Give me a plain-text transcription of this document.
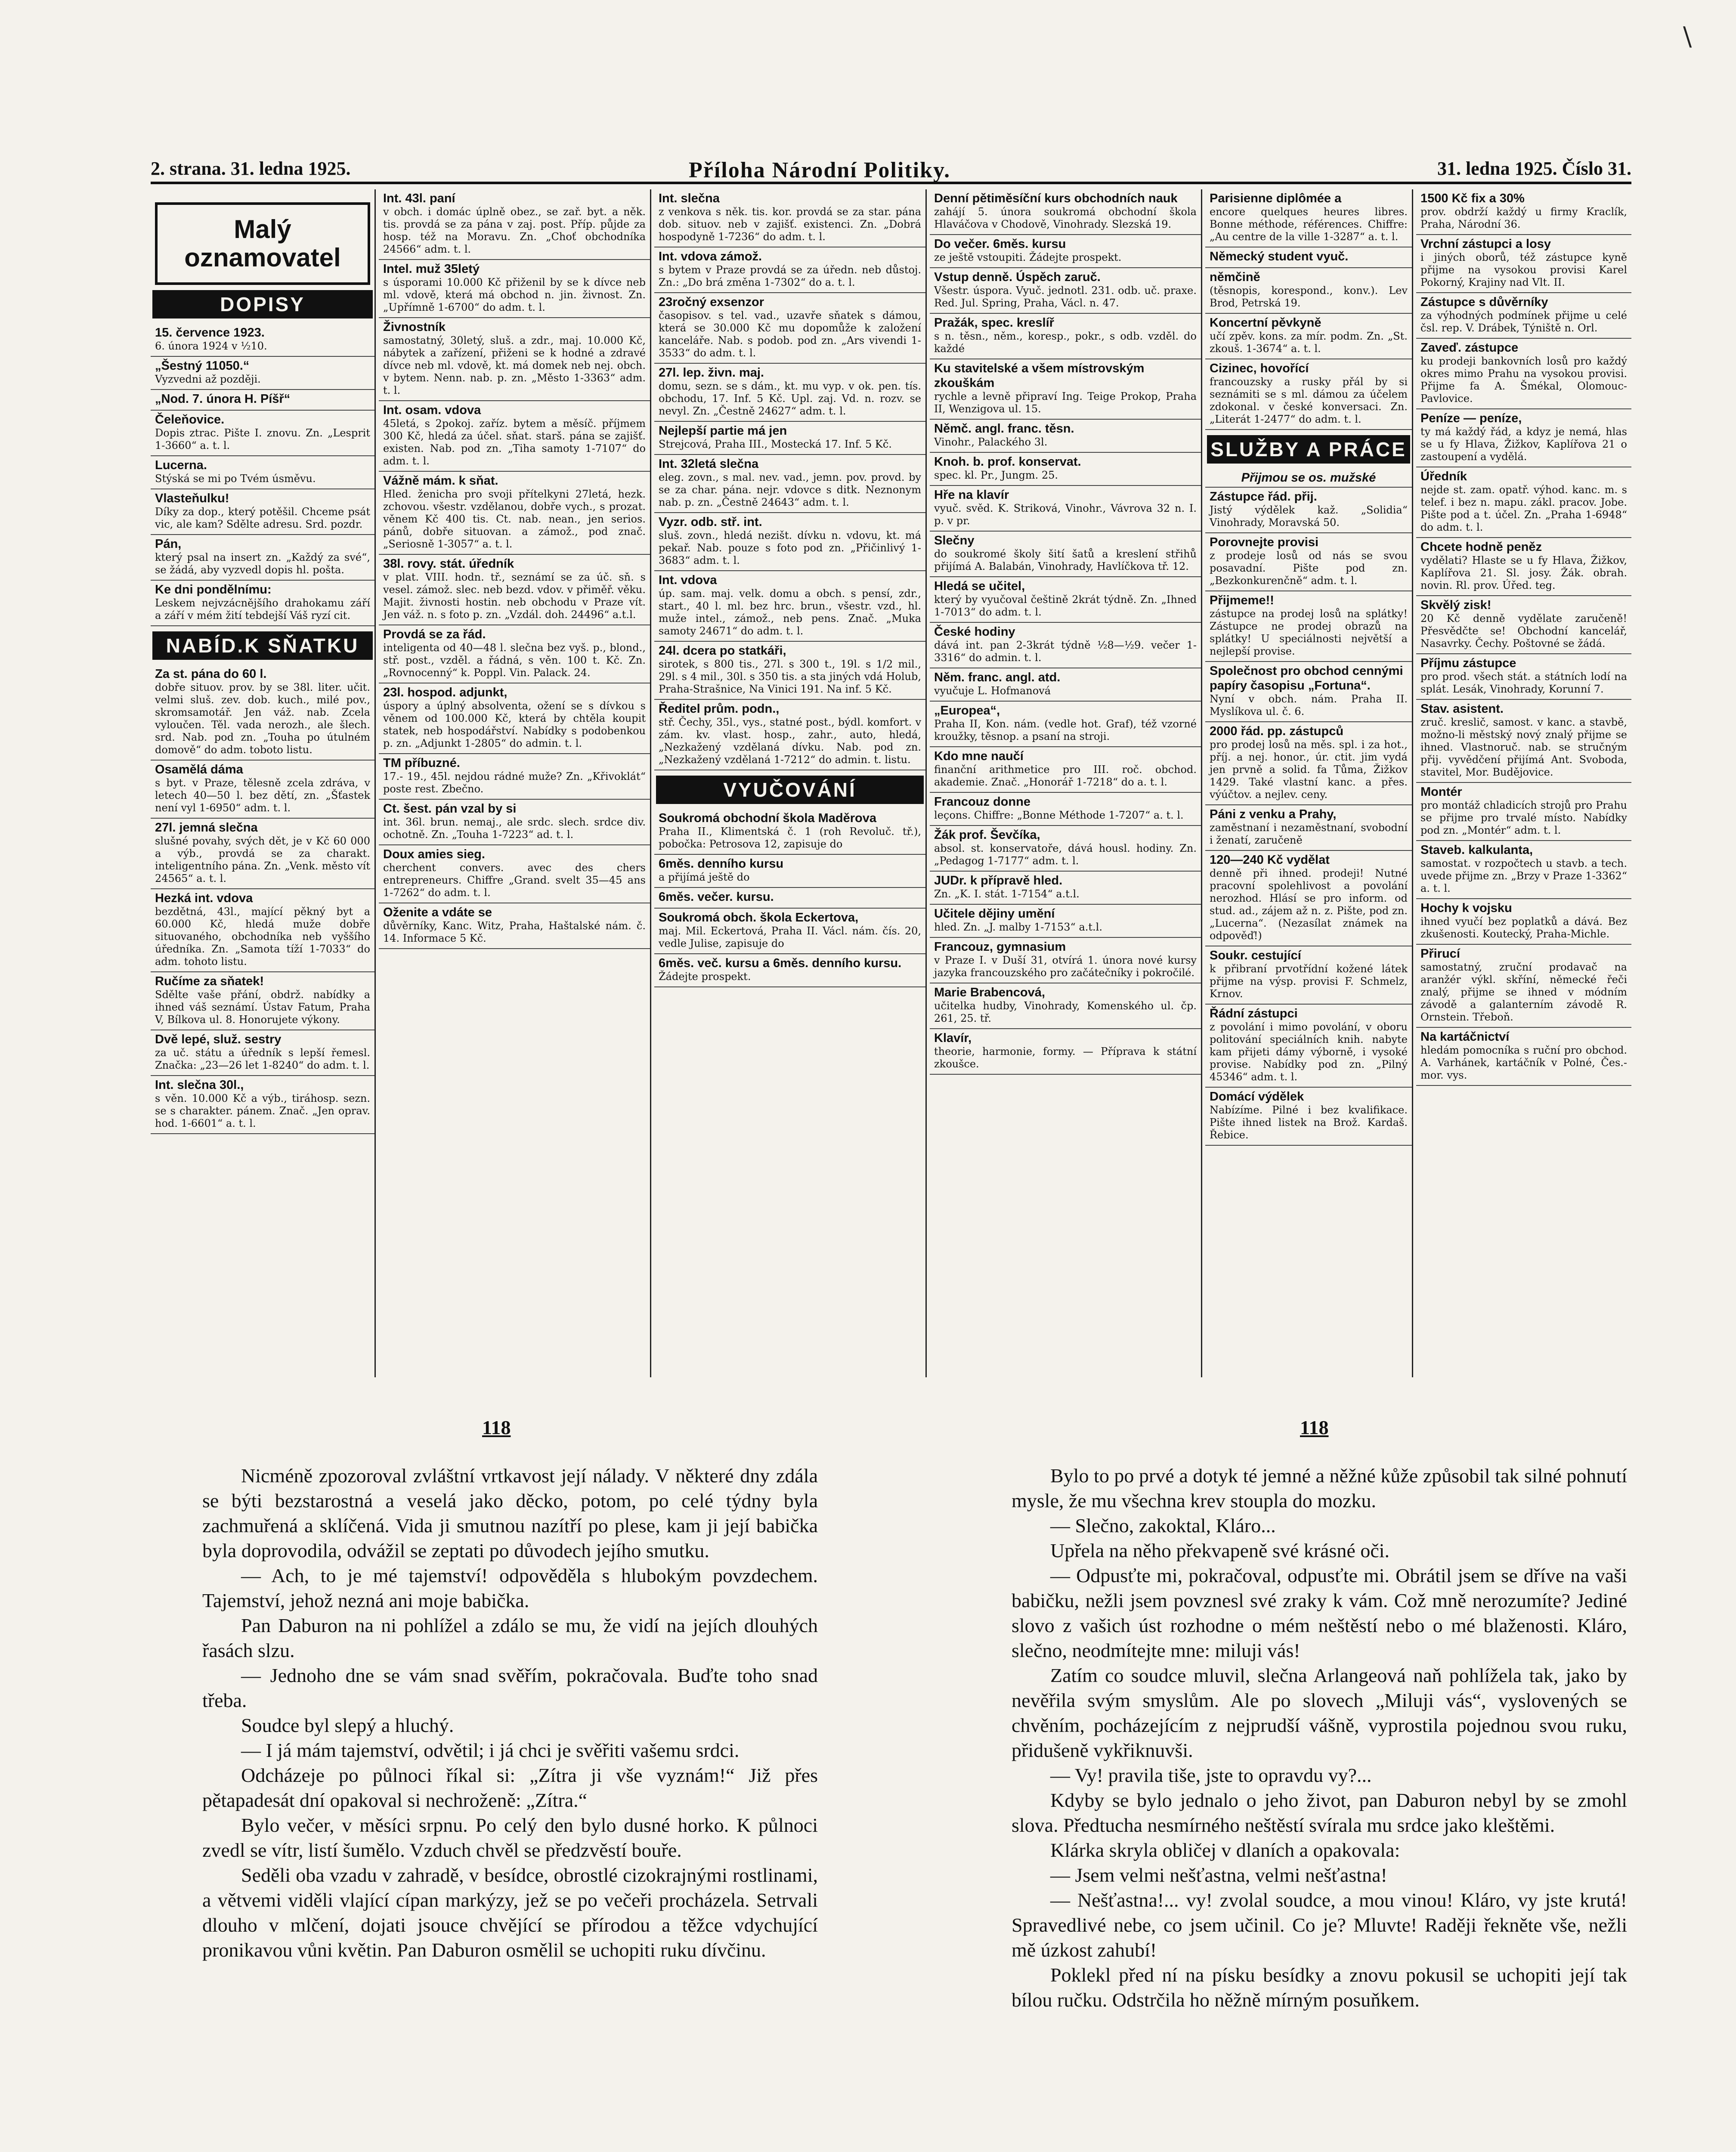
\
2. strana. 31. ledna 1925.	Příloha Národní Politiky.	31. ledna 1925. Číslo 31.
Malý
oznamovatel
DOPISY
15. července 1923.
6. února 1924 v ½10.
„Šestný 11050.“
Vyzvedni až později.
„Nod. 7. února H. Píšř“
Čeleňovice.
Dopis ztrac. Pište I. znovu. Zn. „Lesprit 1-3660“ a. t. l.
Lucerna.
Stýská se mi po Tvém úsměvu.
Vlasteňulku!
Díky za dop., který potěšil. Chceme psát vic, ale kam? Sdělte adresu. Srd. pozdr.
Pán,
který psal na insert zn. „Každý za své“, se žádá, aby vyzvedl dopis hl. pošta.
Ke dni pondělnímu:
Leskem nejvzácnějšího drahokamu září a září v mém žití tebdejší Váš ryzí cit.
NABÍD.K SŇATKU
Za st. pána do 60 l.
dobře situov. prov. by se 38l. liter. učit. velmi sluš. zev. dob. kuch., milé pov., skromsamotář. Jen váž. nab. Zcela vyloučen. Těl. vada nerozh., ale šlech. srd. Nab. pod zn. „Touha po útulném domově“ do adm. toboto listu.
Osamělá dáma
s byt. v Praze, tělesně zcela zdráva, v letech 40—50 l. bez dětí, zn. „Šťastek není vyl 1-6950“ adm. t. l.
27l. jemná slečna
slušné povahy, svých dět, je v Kč 60 000 a výb., provdá se za charakt. inteligentního pána. Zn. „Venk. město vít 24565“ a. t. l.
Hezká int. vdova
bezdětná, 43l., mající pěkný byt a 60.000 Kč, hledá muže dobře situovaného, obchodníka neb vyššího úředníka. Zn. „Samota tíží 1-7033“ do adm. tohoto listu.
Ručíme za sňatek!
Sdělte vaše přání, obdrž. nabídky a ihned váš seznámí. Ústav Fatum, Praha V, Bílkova ul. 8. Honorujete výkony.
Dvě lepé, služ. sestry
za uč. státu a úředník s lepší řemesl. Značka: „23—26 let 1-8240“ do adm. t. l.
Int. slečna 30l.,
s věn. 10.000 Kč a výb., tiráhosp. sezn. se s charakter. pánem. Znač. „Jen oprav. hod. 1-6601“ a. t. l.
Int. 43l. paní
v obch. i domác úplně obez., se zař. byt. a něk. tis. provdá se za pána v zaj. post. Příp. půjde za hosp. též na Moravu. Zn. „Choť obchodníka 24566“ adm. t. l.
Intel. muž 35letý
s úsporami 10.000 Kč přiženil by se k dívce neb ml. vdově, která má obchod n. jin. živnost. Zn. „Upřímně 1-6700“ do adm. t. l.
Živnostník
samostatný, 30letý, sluš. a zdr., maj. 10.000 Kč, nábytek a zařízení, přiženi se k hodné a zdravé dívce neb ml. vdově, kt. má domek neb nej. obch. v bytem. Nenn. nab. p. zn. „Město 1-3363“ adm. t. l.
Int. osam. vdova
45letá, s 2pokoj. zaříz. bytem a měsíč. příjmem 300 Kč, hledá za účel. sňat. starš. pána se zajišť. existen. Nab. pod zn. „Tiha samoty 1-7107“ do adm. t. l.
Vážně mám. k sňat.
Hled. ženicha pro svoji přítelkyni 27letá, hezk. zchovou. všestr. vzdělanou, dobře vych., s prozat. věnem Kč 400 tis. Ct. nab. nean., jen serios. pánů, dobře situovan. a zámož., pod znač. „Seriosně 1-3057“ a. t. l.
38l. rovy. stát. úředník
v plat. VIII. hodn. tř., seznámí se za úč. sň. s vesel. zámož. slec. neb bezd. vdov. v přiměř. věku. Majit. živnosti hostin. neb obchodu v Praze vít. Jen váž. n. s foto p. zn. „Vzdál. doh. 24496“ a.t.l.
Provdá se za řád.
inteligenta od 40—48 l. slečna bez vyš. p., blond., stř. post., vzděl. a řádná, s věn. 100 t. Kč. Zn. „Rovnocenný“ k. Poppl. Vin. Palack. 24.
23l. hospod. adjunkt,
úspory a úplný absolventa, ožení se s dívkou s věnem od 100.000 Kč, která by chtěla koupit statek, neb hospodářství. Nabídky s podobenkou p. zn. „Adjunkt 1-2805“ do admin. t. l.
TM příbuzné.
17.- 19., 45l. nejdou rádné muže? Zn. „Křivoklát“ poste rest. Zbečno.
Ct. šest. pán vzal by si
int. 36l. brun. nemaj., ale srdc. slech. srdce div. ochotně. Zn. „Touha 1-7223“ ad. t. l.
Doux amies sieg.
cherchent convers. avec des chers entrepreneurs. Chiffre „Grand. svelt 35—45 ans 1-7262“ do adm. t. l.
Oženite a vdáte se
důvěrníky, Kanc. Witz, Praha, Haštalské nám. č. 14. Informace 5 Kč.
Int. slečna
z venkova s něk. tis. kor. provdá se za star. pána dob. situov. neb v zajišť. existenci. Zn. „Dobrá hospodyně 1-7236“ do adm. t. l.
Int. vdova zámož.
s bytem v Praze provdá se za úředn. neb důstoj. Zn.: „Do brá změna 1-7302“ do a. t. l.
23ročný exsenzor
časopisov. s tel. vad., uzavře sňatek s dámou, která se 30.000 Kč mu dopomůže k založení kanceláře. Nab. s podob. pod zn. „Ars vivendi 1-3533“ do adm. t. l.
27l. lep. živn. maj.
domu, sezn. se s dám., kt. mu vyp. v ok. pen. tís. obchodu, 17. Inf. 5 Kč. Upl. zaj. Vd. n. rozv. se nevyl. Zn. „Čestně 24627“ adm. t. l.
Nejlepší partie má jen
Strejcová, Praha III., Mostecká 17. Inf. 5 Kč.
Int. 32letá slečna
eleg. zovn., s mal. nev. vad., jemn. pov. provd. by se za char. pána. nejr. vdovce s ditk. Neznonym nab. p. zn. „Čestně 24643“ adm. t. l.
Vyzr. odb. stř. int.
sluš. zovn., hledá nezišt. dívku n. vdovu, kt. má pekař. Nab. pouze s foto pod zn. „Přičinlivý 1-3683“ adm. t. l.
Int. vdova
úp. sam. maj. velk. domu a obch. s pensí, zdr., start., 40 l. ml. bez hrc. brun., všestr. vzd., hl. muže intel., zámož., neb pens. Znač. „Muka samoty 24671“ do adm. t. l.
24l. dcera po statkáři,
sirotek, s 800 tis., 27l. s 300 t., 19l. s 1/2 mil., 29l. s 4 mil., 30l. s 350 tis. a sta jiných vdá Holub, Praha-Strašnice, Na Vinici 191. Na inf. 5 Kč.
Ředitel prům. podn.,
stř. Čechy, 35l., vys., statné post., býdl. komfort. v zám. kv. vlast. hosp., zahr., auto, hledá, „Nezkažený vzdělaná dívku. Nab. pod zn. „Nezkažený vzdělaná 1-7212“ do admin. t. listu.
VYUČOVÁNÍ
Soukromá obchodní škola Maděrova
Praha II., Klimentská č. 1 (roh Revoluč. tř.), pobočka: Petrosova 12, zapisuje do
6měs. denního kursu
a přijímá ještě do
6měs. večer. kursu.
Soukromá obch. škola Eckertova,
maj. Mil. Eckertová, Praha II. Václ. nám. čís. 20, vedle Julise, zapisuje do
6měs. več. kursu a 6měs. denního kursu.
Žádejte prospekt.
Denní pětiměsíční kurs obchodních nauk
zahájí 5. února soukromá obchodní škola Hlaváčova v Chodově, Vinohrady. Slezská 19.
Do večer. 6měs. kursu
ze ještě vstoupiti. Žádejte prospekt.
Vstup denně. Úspěch zaruč.
Všestr. úspora. Vyuč. jednotl. 231. odb. uč. praxe. Red. Jul. Spring, Praha, Václ. n. 47.
Pražák, spec. kreslíř
s n. těsn., něm., koresp., pokr., s odb. vzděl. do každé
Ku stavitelské a všem místrovským zkouškám
rychle a levně připraví Ing. Teige Prokop, Praha II, Wenzigova ul. 15.
Němč. angl. franc. těsn.
Vinohr., Palackého 3l.
Knoh. b. prof. konservat.
spec. kl. Pr., Jungm. 25.
Hře na klavír
vyuč. svěd. K. Striková, Vinohr., Vávrova 32 n. I. p. v pr.
Slečny
do soukromé školy šití šatů a kreslení střihů přijímá A. Balabán, Vinohrady, Havlíčkova tř. 12.
Hledá se učitel,
který by vyučoval češtině 2krát týdně. Zn. „Ihned 1-7013“ do adm. t. l.
České hodiny
dává int. pan 2-3krát týdně ½8—½9. večer 1-3316“ do admin. t. l.
Něm. franc. angl. atd.
vyučuje L. Hofmanová
„Europea“,
Praha II, Kon. nám. (vedle hot. Graf), též vzorné kroužky, těsnop. a psaní na stroji.
Kdo mne naučí
finanční arithmetice pro III. roč. obchod. akademie. Znač. „Honorář 1-7218“ do a. t. l.
Francouz donne
leçons. Chiffre: „Bonne Méthode 1-7207“ a. t. l.
Žák prof. Ševčíka,
absol. st. konservatoře, dává housl. hodiny. Zn. „Pedagog 1-7177“ adm. t. l.
JUDr. k přípravě hled.
Zn. „K. I. stát. 1-7154“ a.t.l.
Učitele dějiny umění
hled. Zn. „J. malby 1-7153“ a.t.l.
Francouz, gymnasium
v Praze I. v Duší 31, otvírá 1. února nové kursy jazyka francouzského pro začátečníky i pokročilé.
Marie Brabencová,
učitelka hudby, Vinohrady, Komenského ul. čp. 261, 25. tř.
Klavír,
theorie, harmonie, formy. — Příprava k státní zkoušce.
Parisienne diplômée a
encore quelques heures libres. Bonne méthode, références. Chiffre: „Au centre de la ville 1-3287“ a. t. l.
Německý student vyuč.
němčině
(těsnopis, korespond., konv.). Lev Brod, Petrská 19.
Koncertní pěvkyně
učí zpěv. kons. za mír. podm. Zn. „St. zkouš. 1-3674“ a. t. l.
Cizinec, hovořící
francouzsky a rusky přál by si seznámiti se s ml. dámou za účelem zdokonal. v české konversaci. Zn. „Literát 1-2477“ do adm. t. l.
SLUŽBY A PRÁCE
Přijmou se os. mužské
Zástupce řád. přij.
Jistý výdělek kaž. „Solidia“ Vinohrady, Moravská 50.
Porovnejte provisi
z prodeje losů od nás se svou posavadní. Pište pod zn. „Bezkonkurenčně“ adm. t. l.
Přijmeme!!
zástupce na prodej losů na splátky! Zástupce ne prodej obrazů na splátky! U speciálnosti největší a nejlepší provise.
Společnost pro obchod cennými papíry časopisu „Fortuna“.
Nyní v obch. nám. Praha II. Myslíkova ul. č. 6.
2000 řád. pp. zástupců
pro prodej losů na měs. spl. i za hot., příj. a nej. honor., úr. ctit. jim vydá jen prvně a solid. fa Tůma, Žižkov 1429. Také vlastní kanc. a přes. výúčtov. a nejlev. ceny.
Páni z venku a Prahy,
zaměstnaní i nezaměstnaní, svobodní i ženatí, zaručeně
120—240 Kč vydělat
denně při ihned. prodeji! Nutné pracovní spolehlivost a povolání nerozhod. Hlásí se pro inform. od stud. ad., zájem až n. z. Pište, pod zn. „Lucerna“. (Nezasílat známek na odpověď!)
Soukr. cestující
k přibraní prvotřídní kožené látek přijme na výsp. provisi F. Schmelz, Krnov.
Řádní zástupci
z povolání i mimo povolání, v oboru politování speciálních knih. nabyte kam přijeti dámy výborně, i vysoké provise. Nabídky pod zn. „Pilný 45346“ adm. t. l.
Domácí výdělek
Nabízíme. Pilné i bez kvalifikace. Pište ihned listek na Brož. Kardaš. Řebice.
1500 Kč fix a 30%
prov. obdrží každý u firmy Kraclík, Praha, Národní 36.
Vrchní zástupci a losy
i jiných oborů, též zástupce kyně přijme na vysokou provisi Karel Pokorný, Krajiny nad Vlt. II.
Zástupce s důvěrníky
za výhodných podmínek přijme u celé čsl. rep. V. Drábek, Týniště n. Orl.
Zaveď. zástupce
ku prodeji bankovních losů pro každý okres mimo Prahu na vysokou provisi. Přijme fa A. Šmékal, Olomouc-Pavlovice.
Peníze — peníze,
ty má každý řád, a kdyz je nemá, hlas se u fy Hlava, Žižkov, Kaplířova 21 o zastoupení a vydělá.
Úředník
nejde st. zam. opatř. výhod. kanc. m. s telef. i bez n. mapu. zákl. pracov. Jobe. Pište pod a t. účel. Zn. „Praha 1-6948“ do adm. t. l.
Chcete hodně peněz
vydělati? Hlaste se u fy Hlava, Žižkov, Kaplířova 21. Sl. josy. Žák. obrah. novin. Rl. prov. Úřed. teg.
Skvělý zisk!
20 Kč denně vydělate zaručeně! Přesvědčte se! Obchodní kancelář, Nasavrky. Čechy. Poštovné se žádá.
Příjmu zástupce
pro prod. všech stát. a státních lodí na splát. Lesák, Vinohrady, Korunní 7.
Stav. asistent.
zruč. kreslič, samost. v kanc. a stavbě, možno-li městský nový znalý přijme se ihned. Vlastnoruč. nab. se stručným přij. vyvědčení přijímá Ant. Svoboda, stavitel, Mor. Budějovice.
Montér
pro montáž chladicích strojů pro Prahu se přijme pro trvalé místo. Nabídky pod zn. „Montér“ adm. t. l.
Staveb. kalkulanta,
samostat. v rozpočtech u stavb. a tech. uvede přijme zn. „Brzy v Praze 1-3362“ a. t. l.
Hochy k vojsku
ihned vyučí bez poplatků a dává. Bez zkušenosti. Koutecký, Praha-Michle.
Přirucí
samostatný, zruční prodavač na aranžér výkl. skříní, německé řeči znalý, přijme se ihned v módním závodě a galanterním závodě R. Ornstein. Třeboň.
Na kartáčnictví
hledám pomocníka s ruční pro obchod. A. Varhánek, kartáčník v Polné, Čes.-mor. vys.
118	118

Nicméně zpozoroval zvláštní vrtkavost její nálady. V některé dny zdála se býti bezstarostná a veselá jako děcko, potom, po celé týdny byla zachmuřená a sklíčená. Vida ji smutnou nazítří po plese, kam ji její babička byla doprovodila, odvážil se zeptati po důvodech jejího smutku.

— Ach, to je mé tajemství! odpověděla s hlubokým povzdechem. Tajemství, jehož nezná ani moje babička.

Pan Daburon na ni pohlížel a zdálo se mu, že vidí na jejích dlouhých řasách slzu.

— Jednoho dne se vám snad svěřím, pokračovala. Buďte toho snad třeba.

Soudce byl slepý a hluchý.

— I já mám tajemství, odvětil; i já chci je svěřiti vašemu srdci.

Odcházeje po půlnoci říkal si: „Zítra ji vše vyznám!“ Již přes pětapadesát dní opakoval si nechroženě: „Zítra.“

Bylo večer, v měsíci srpnu. Po celý den bylo dusné horko. K půlnoci zvedl se vítr, listí šumělo. Vzduch chvěl se předzvěstí bouře.

Seděli oba vzadu v zahradě, v besídce, obrostlé cizokrajnými rostlinami, a větvemi viděli vlající cípan markýzy, jež se po večeři procházela. Setrvali dlouho v mlčení, dojati jsouce chvějící se přírodou a těžce vdychující pronikavou vůni květin. Pan Daburon osmělil se uchopiti ruku dívčinu.

Bylo to po prvé a dotyk té jemné a něžné kůže způsobil tak silné pohnutí mysle, že mu všechna krev stoupla do mozku.

— Slečno, zakoktal, Kláro...

Upřela na něho překvapeně své krásné oči.

— Odpusťte mi, pokračoval, odpusťte mi. Obrátil jsem se dříve na vaši babičku, nežli jsem povznesl své zraky k vám. Což mně nerozumíte? Jediné slovo z vašich úst rozhodne o mém neštěstí nebo o mé blaženosti. Kláro, slečno, neodmítejte mne: miluji vás!

Zatím co soudce mluvil, slečna Arlangeová naň pohlížela tak, jako by nevěřila svým smyslům. Ale po slovech „Miluji vás“, vyslovených se chvěním, pocházejícím z nejprudší vášně, vyprostila pojednou svou ruku, přidušeně vykřiknuvši.

— Vy! pravila tiše, jste to opravdu vy?...

Kdyby se bylo jednalo o jeho život, pan Daburon nebyl by se zmohl slova. Předtucha nesmírného neštěstí svírala mu srdce jako kleštěmi.

Klárka skryla obličej v dlaních a opakovala:

— Jsem velmi nešťastna, velmi nešťastna!

— Nešťastna!... vy! zvolal soudce, a mou vinou! Kláro, vy jste krutá! Spravedlivé nebe, co jsem učinil. Co je? Mluvte! Raději řekněte vše, nežli mě úzkost zahubí!

Poklekl před ní na písku besídky a znovu pokusil se uchopiti její tak bílou ručku. Odstrčila ho něžně mírným posuňkem.
